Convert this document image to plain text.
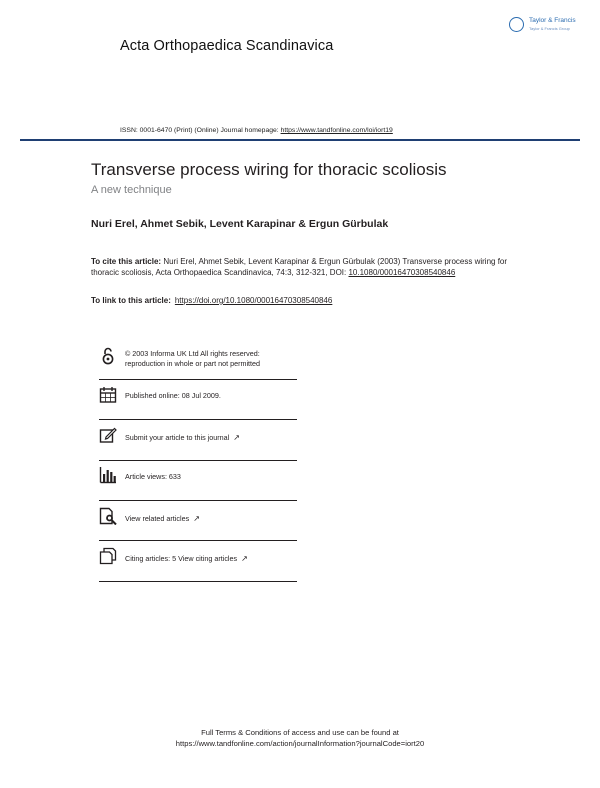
Acta Orthopaedica Scandinavica
Taylor & Francis
Taylor & Francis Group
ISSN: 0001-6470 (Print) (Online) Journal homepage: https://www.tandfonline.com/loi/iort19
Transverse process wiring for thoracic scoliosis
A new technique
Nuri Erel, Ahmet Sebik, Levent Karapinar & Ergun Gürbulak
To cite this article: Nuri Erel, Ahmet Sebik, Levent Karapinar & Ergun Gürbulak (2003) Transverse process wiring for thoracic scoliosis, Acta Orthopaedica Scandinavica, 74:3, 312-321, DOI: 10.1080/00016470308540846
To link to this article: https://doi.org/10.1080/00016470308540846
© 2003 Informa UK Ltd All rights reserved:
reproduction in whole or part not permitted
Published online: 08 Jul 2009.
Submit your article to this journal ↗
Article views: 633
View related articles ↗
Citing articles: 5 View citing articles ↗
Full Terms & Conditions of access and use can be found at
https://www.tandfonline.com/action/journalInformation?journalCode=iort20
